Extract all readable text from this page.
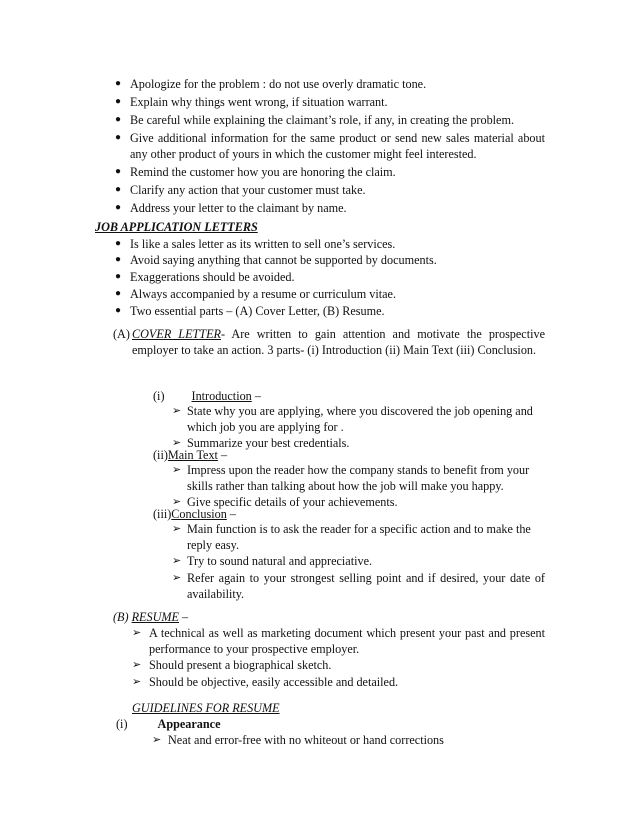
● Apologize for the problem : do not use overly dramatic tone.
● Explain why things went wrong, if situation warrant.
● Be careful while explaining the claimant’s role, if any, in creating the problem.
● Give additional information for the same product or send new sales material about any other product of yours in which the customer might feel interested.
● Remind the customer how you are honoring the claim.
● Clarify any action that your customer must take.
● Address your letter to the claimant by name.
JOB APPLICATION LETTERS
● Is like a sales letter as its written to sell one’s services.
● Avoid saying anything that cannot be supported by documents.
● Exaggerations should be avoided.
● Always accompanied by a resume or curriculum vitae.
● Two essential parts – (A) Cover Letter, (B) Resume.
(A) COVER LETTER- Are written to gain attention and motivate the prospective employer to take an action. 3 parts- (i) Introduction (ii) Main Text (iii) Conclusion.
(i) Introduction –
➢ State why you are applying, where you discovered the job opening and which job you are applying for .
➢ Summarize your best credentials.
(ii)Main Text –
➢ Impress upon the reader how the company stands to benefit from your skills rather than talking about how the job will make you happy.
➢ Give specific details of your achievements.
(iii)Conclusion –
➢ Main function is to ask the reader for a specific action and to make the reply easy.
➢ Try to sound natural and appreciative.
➢ Refer again to your strongest selling point and if desired, your date of availability.
(B) RESUME –
➢ A technical as well as marketing document which present your past and present performance to your prospective employer.
➢ Should present a biographical sketch.
➢ Should be objective, easily accessible and detailed.
GUIDELINES FOR RESUME
(i) Appearance
➢ Neat and error-free with no whiteout or hand corrections
